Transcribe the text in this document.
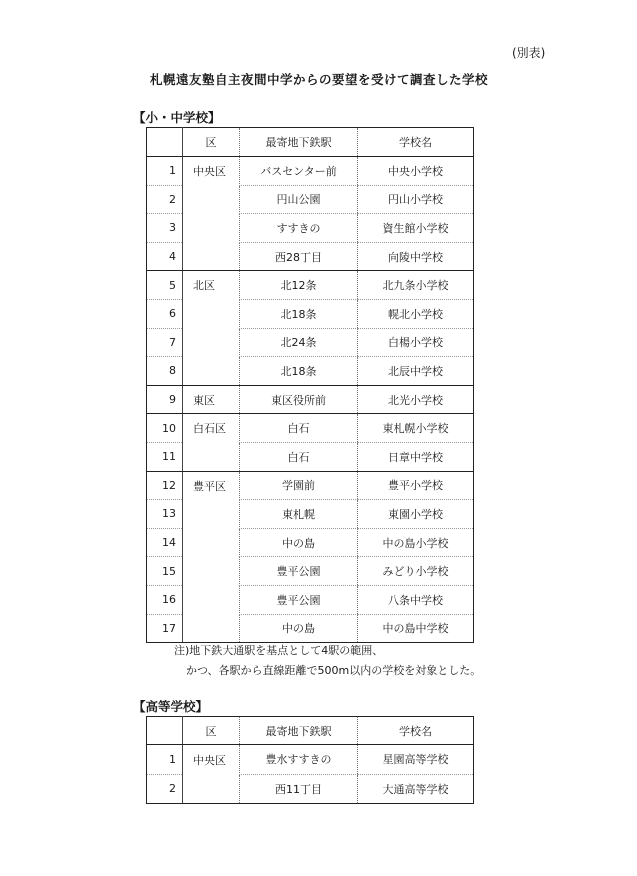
(別表)
札幌遠友塾自主夜間中学からの要望を受けて調査した学校
【小・中学校】
	区	最寄地下鉄駅	学校名
1	中央区	バスセンター前	中央小学校
2		円山公園	円山小学校
3		すすきの	資生館小学校
4		西28丁目	向陵中学校
5	北区	北12条	北九条小学校
6		北18条	幌北小学校
7		北24条	白楊小学校
8		北18条	北辰中学校
9	東区	東区役所前	北光小学校
10	白石区	白石	東札幌小学校
11		白石	日章中学校
12	豊平区	学園前	豊平小学校
13		東札幌	東園小学校
14		中の島	中の島小学校
15		豊平公園	みどり小学校
16		豊平公園	八条中学校
17		中の島	中の島中学校
注)地下鉄大通駅を基点として4駅の範囲、
かつ、各駅から直線距離で500m以内の学校を対象とした。
【高等学校】
	区	最寄地下鉄駅	学校名
1	中央区	豊水すすきの	星園高等学校
2		西11丁目	大通高等学校
